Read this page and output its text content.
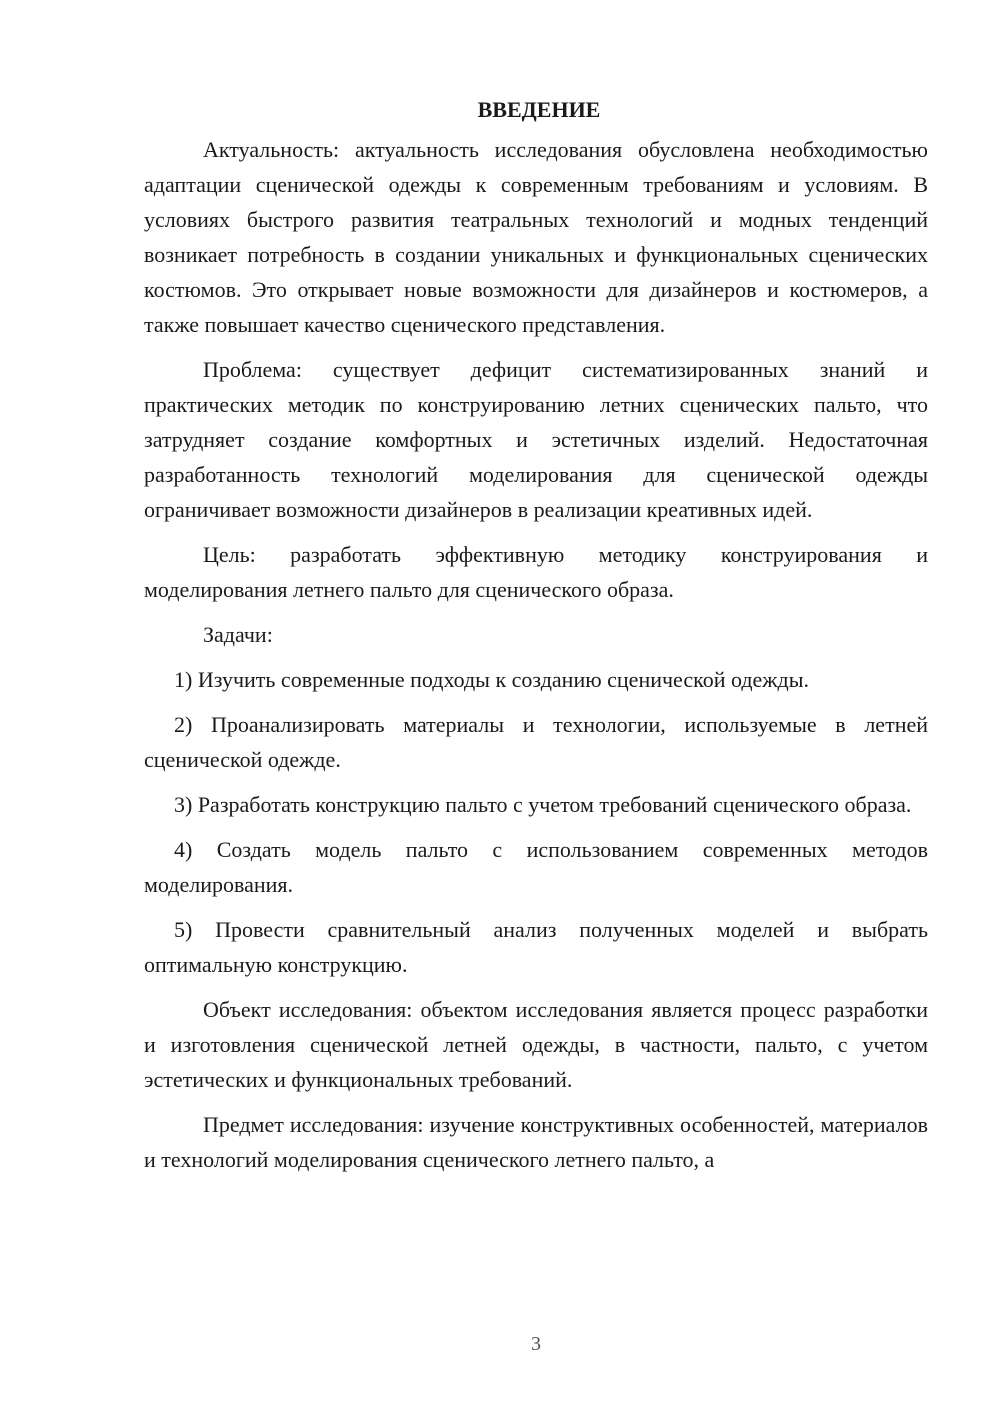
ВВЕДЕНИЕ

Актуальность: актуальность исследования обусловлена необходимостью адаптации сценической одежды к современным требованиям и условиям. В условиях быстрого развития театральных технологий и модных тенденций возникает потребность в создании уникальных и функциональных сценических костюмов. Это открывает новые возможности для дизайнеров и костюмеров, а также повышает качество сценического представления.

Проблема: существует дефицит систематизированных знаний и практических методик по конструированию летних сценических пальто, что затрудняет создание комфортных и эстетичных изделий. Недостаточная разработанность технологий моделирования для сценической одежды ограничивает возможности дизайнеров в реализации креативных идей.

Цель: разработать эффективную методику конструирования и моделирования летнего пальто для сценического образа.

Задачи:

1) Изучить современные подходы к созданию сценической одежды.

2) Проанализировать материалы и технологии, используемые в летней сценической одежде.

3) Разработать конструкцию пальто с учетом требований сценического образа.

4) Создать модель пальто с использованием современных методов моделирования.

5) Провести сравнительный анализ полученных моделей и выбрать оптимальную конструкцию.

Объект исследования: объектом исследования является процесс разработки и изготовления сценической летней одежды, в частности, пальто, с учетом эстетических и функциональных требований.

Предмет исследования: изучение конструктивных особенностей, материалов и технологий моделирования сценического летнего пальто, а

3
